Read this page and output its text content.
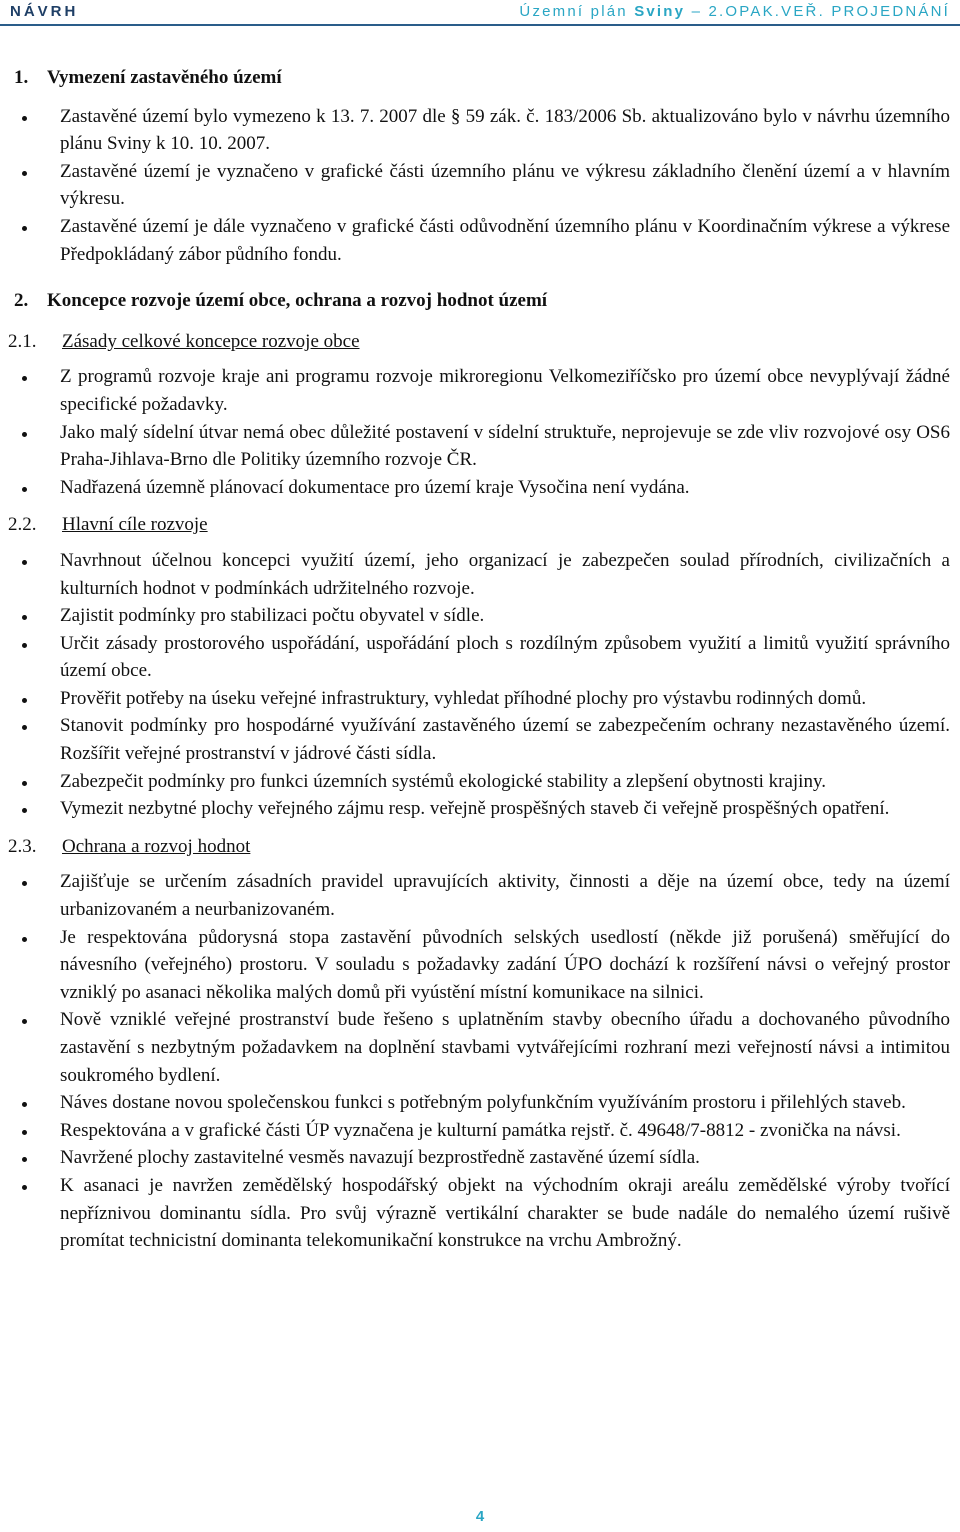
NÁVRH	Územní plán Sviny – 2.OPAK.VEŘ. PROJEDNÁNÍ
1. Vymezení zastavěného území
Zastavěné území bylo vymezeno k 13. 7. 2007 dle § 59 zák. č. 183/2006 Sb. aktualizováno bylo v návrhu územního plánu Sviny k 10. 10. 2007.
Zastavěné území je vyznačeno v grafické části územního plánu ve výkresu základního členění území a v hlavním výkresu.
Zastavěné území je dále vyznačeno v grafické části odůvodnění územního plánu v Koordinačním výkrese a výkrese Předpokládaný zábor půdního fondu.
2. Koncepce rozvoje území obce, ochrana a rozvoj hodnot území
2.1. Zásady celkové koncepce rozvoje obce
Z programů rozvoje kraje ani programu rozvoje mikroregionu Velkomeziříčsko pro území obce nevyplývají žádné specifické požadavky.
Jako malý sídelní útvar nemá obec důležité postavení v sídelní struktuře, neprojevuje se zde vliv rozvojové osy OS6 Praha-Jihlava-Brno dle Politiky územního rozvoje ČR.
Nadřazená územně plánovací dokumentace pro území kraje Vysočina není vydána.
2.2. Hlavní cíle rozvoje
Navrhnout účelnou koncepci využití území, jeho organizací je zabezpečen soulad přírodních, civilizačních a kulturních hodnot v podmínkách udržitelného rozvoje.
Zajistit podmínky pro stabilizaci počtu obyvatel v sídle.
Určit zásady prostorového uspořádání, uspořádání ploch s rozdílným způsobem využití a limitů využití správního území obce.
Prověřit potřeby na úseku veřejné infrastruktury, vyhledat příhodné plochy pro výstavbu rodinných domů.
Stanovit podmínky pro hospodárné využívání zastavěného území se zabezpečením ochrany nezastavěného území. Rozšířit veřejné prostranství v jádrové části sídla.
Zabezpečit podmínky pro funkci územních systémů ekologické stability a zlepšení obytnosti krajiny.
Vymezit nezbytné plochy veřejného zájmu resp. veřejně prospěšných staveb či veřejně prospěšných opatření.
2.3. Ochrana a rozvoj hodnot
Zajišťuje se určením zásadních pravidel upravujících aktivity, činnosti a děje na území obce, tedy na území urbanizovaném a neurbanizovaném.
Je respektována půdorysná stopa zastavění původních selských usedlostí (někde již porušená) směřující do návesního (veřejného) prostoru. V souladu s požadavky zadání ÚPO dochází k rozšíření návsi o veřejný prostor vzniklý po asanaci několika malých domů při vyústění místní komunikace na silnici.
Nově vzniklé veřejné prostranství bude řešeno s uplatněním stavby obecního úřadu a dochovaného původního zastavění s nezbytným požadavkem na doplnění stavbami vytvářejícími rozhraní mezi veřejností návsi a intimitou soukromého bydlení.
Náves dostane novou společenskou funkci s potřebným polyfunkčním využíváním prostoru i přilehlých staveb.
Respektována a v grafické části ÚP vyznačena je kulturní památka rejstř. č. 49648/7-8812 - zvonička na návsi.
Navržené plochy zastavitelné vesměs navazují bezprostředně zastavěné území sídla.
K asanaci je navržen zemědělský hospodářský objekt na východním okraji areálu zemědělské výroby tvořící nepříznivou dominantu sídla. Pro svůj výrazně vertikální charakter se bude nadále do nemalého území rušivě promítat technicistní dominanta telekomunikační konstrukce na vrchu Ambrožný.
4
